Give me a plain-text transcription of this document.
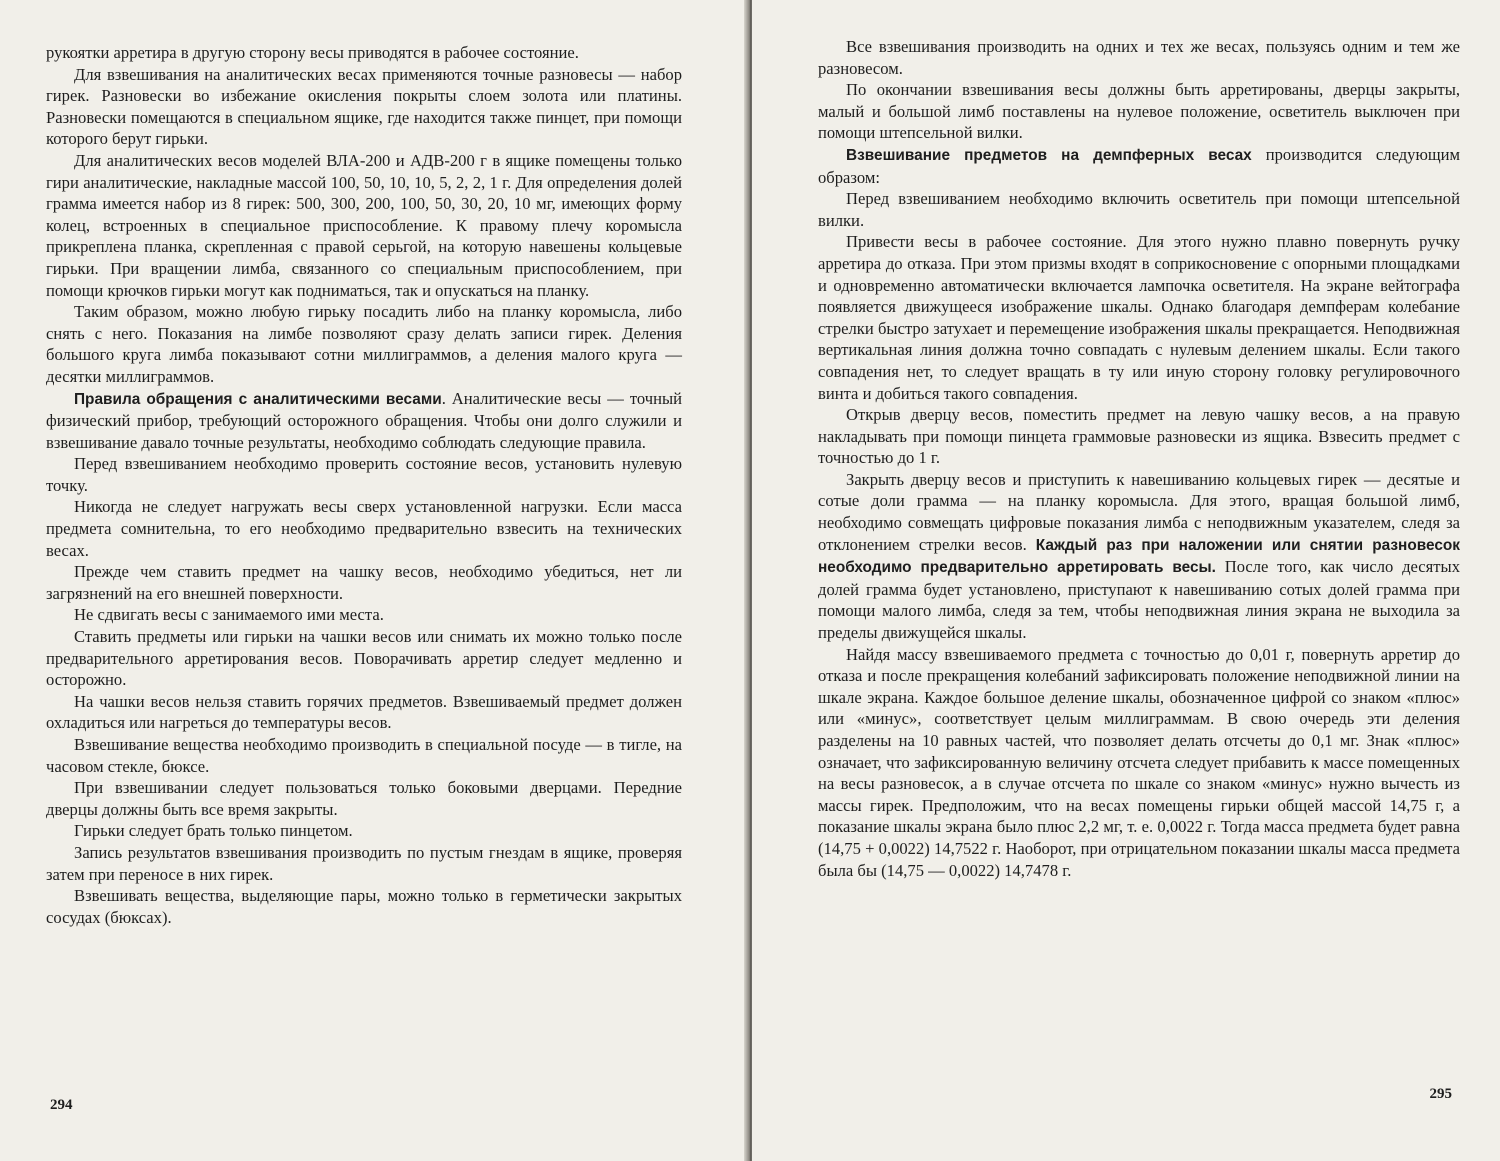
рукоятки арретира в другую сторону весы приводятся в рабочее состояние.

Для взвешивания на аналитических весах применяются точные разновесы — набор гирек. Разновески во избежание окисления покрыты слоем золота или платины. Разновески помещаются в специальном ящике, где находится также пинцет, при помощи которого берут гирьки.

Для аналитических весов моделей ВЛА-200 и АДВ-200 г в ящике помещены только гири аналитические, накладные массой 100, 50, 10, 10, 5, 2, 2, 1 г. Для определения долей грамма имеется набор из 8 гирек: 500, 300, 200, 100, 50, 30, 20, 10 мг, имеющих форму колец, встроенных в специальное приспособление. К правому плечу коромысла прикреплена планка, скрепленная с правой серьгой, на которую навешены кольцевые гирьки. При вращении лимба, связанного со специальным приспособлением, при помощи крючков гирьки могут как подниматься, так и опускаться на планку.

Таким образом, можно любую гирьку посадить либо на планку коромысла, либо снять с него. Показания на лимбе позволяют сразу делать записи гирек. Деления большого круга лимба показывают сотни миллиграммов, а деления малого круга — десятки миллиграммов.

Правила обращения с аналитическими весами. Аналитические весы — точный физический прибор, требующий осторожного обращения. Чтобы они долго служили и взвешивание давало точные результаты, необходимо соблюдать следующие правила.

Перед взвешиванием необходимо проверить состояние весов, установить нулевую точку.

Никогда не следует нагружать весы сверх установленной нагрузки. Если масса предмета сомнительна, то его необходимо предварительно взвесить на технических весах.

Прежде чем ставить предмет на чашку весов, необходимо убедиться, нет ли загрязнений на его внешней поверхности.

Не сдвигать весы с занимаемого ими места.

Ставить предметы или гирьки на чашки весов или снимать их можно только после предварительного арретирования весов. Поворачивать арретир следует медленно и осторожно.

На чашки весов нельзя ставить горячих предметов. Взвешиваемый предмет должен охладиться или нагреться до температуры весов.

Взвешивание вещества необходимо производить в специальной посуде — в тигле, на часовом стекле, бюксе.

При взвешивании следует пользоваться только боковыми дверцами. Передние дверцы должны быть все время закрыты.

Гирьки следует брать только пинцетом.

Запись результатов взвешивания производить по пустым гнездам в ящике, проверяя затем при переносе в них гирек.

Взвешивать вещества, выделяющие пары, можно только в герметически закрытых сосудах (бюксах).

294

Все взвешивания производить на одних и тех же весах, пользуясь одним и тем же разновесом.

По окончании взвешивания весы должны быть арретированы, дверцы закрыты, малый и большой лимб поставлены на нулевое положение, осветитель выключен при помощи штепсельной вилки.

Взвешивание предметов на демпферных весах производится следующим образом:

Перед взвешиванием необходимо включить осветитель при помощи штепсельной вилки.

Привести весы в рабочее состояние. Для этого нужно плавно повернуть ручку арретира до отказа. При этом призмы входят в соприкосновение с опорными площадками и одновременно автоматически включается лампочка осветителя. На экране вейтографа появляется движущееся изображение шкалы. Однако благодаря демпферам колебание стрелки быстро затухает и перемещение изображения шкалы прекращается. Неподвижная вертикальная линия должна точно совпадать с нулевым делением шкалы. Если такого совпадения нет, то следует вращать в ту или иную сторону головку регулировочного винта и добиться такого совпадения.

Открыв дверцу весов, поместить предмет на левую чашку весов, а на правую накладывать при помощи пинцета граммовые разновески из ящика. Взвесить предмет с точностью до 1 г.

Закрыть дверцу весов и приступить к навешиванию кольцевых гирек — десятые и сотые доли грамма — на планку коромысла. Для этого, вращая большой лимб, необходимо совмещать цифровые показания лимба с неподвижным указателем, следя за отклонением стрелки весов. Каждый раз при наложении или снятии разновесок необходимо предварительно арретировать весы. После того, как число десятых долей грамма будет установлено, приступают к навешиванию сотых долей грамма при помощи малого лимба, следя за тем, чтобы неподвижная линия экрана не выходила за пределы движущейся шкалы.

Найдя массу взвешиваемого предмета с точностью до 0,01 г, повернуть арретир до отказа и после прекращения колебаний зафиксировать положение неподвижной линии на шкале экрана. Каждое большое деление шкалы, обозначенное цифрой со знаком «плюс» или «минус», соответствует целым миллиграммам. В свою очередь эти деления разделены на 10 равных частей, что позволяет делать отсчеты до 0,1 мг. Знак «плюс» означает, что зафиксированную величину отсчета следует прибавить к массе помещенных на весы разновесок, а в случае отсчета по шкале со знаком «минус» нужно вычесть из массы гирек. Предположим, что на весах помещены гирьки общей массой 14,75 г, а показание шкалы экрана было плюс 2,2 мг, т. е. 0,0022 г. Тогда масса предмета будет равна (14,75 + 0,0022) 14,7522 г. Наоборот, при отрицательном показании шкалы масса предмета была бы (14,75 — 0,0022) 14,7478 г.

295
